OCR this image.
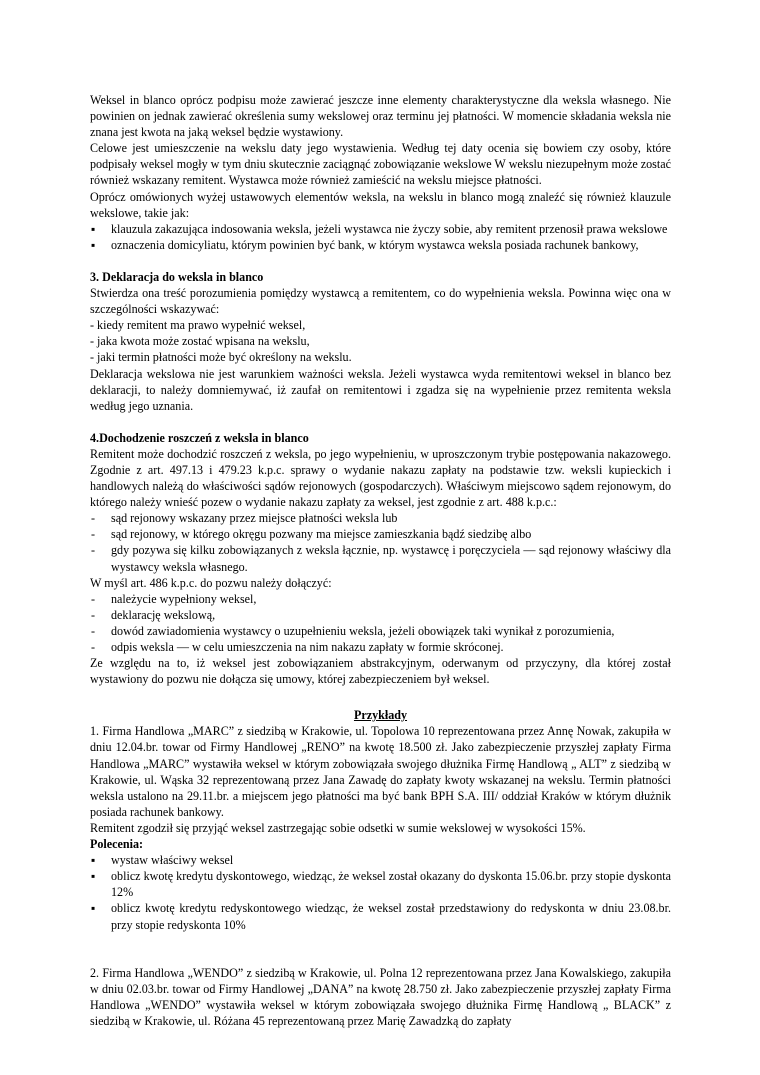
Weksel in blanco oprócz podpisu może zawierać jeszcze inne elementy charakterystyczne dla weksla własnego. Nie powinien on jednak zawierać określenia sumy wekslowej oraz terminu jej płatności. W momencie składania weksla nie znana jest kwota na jaką weksel będzie wystawiony.

Celowe jest umieszczenie na wekslu daty jego wystawienia. Według tej daty ocenia się bowiem czy osoby, które podpisały weksel mogły w tym dniu skutecznie zaciągnąć zobowiązanie wekslowe W wekslu niezupełnym może zostać również wskazany remitent. Wystawca może również zamieścić na wekslu miejsce płatności.

Oprócz omówionych wyżej ustawowych elementów weksla, na wekslu in blanco mogą znaleźć się również klauzule wekslowe, takie jak:

▪
klauzula zakazująca indosowania weksla, jeżeli wystawca nie życzy sobie, aby remitent przenosił prawa wekslowe
▪
oznaczenia domicyliatu, którym powinien być bank, w którym wystawca weksla posiada rachunek bankowy,
3. Deklaracja do weksla in blanco

Stwierdza ona treść porozumienia pomiędzy wystawcą a remitentem, co do wypełnienia weksla. Powinna więc ona w szczególności wskazywać:

- kiedy remitent ma prawo wypełnić weksel,

- jaka kwota może zostać wpisana na wekslu,

- jaki termin płatności może być określony na wekslu.

Deklaracja wekslowa nie jest warunkiem ważności weksla. Jeżeli wystawca wyda remitentowi weksel in blanco bez deklaracji, to należy domniemywać, iż zaufał on remitentowi i zgadza się na wypełnienie przez remitenta weksla według jego uznania.

4.Dochodzenie roszczeń z weksla in blanco

Remitent może dochodzić roszczeń z weksla, po jego wypełnieniu, w uproszczonym trybie postępowania nakazowego. Zgodnie z art. 497.13 i 479.23 k.p.c. sprawy o wydanie nakazu zapłaty na podstawie tzw. weksli kupieckich i handlowych należą do właściwości sądów rejonowych (gospodarczych). Właściwym miejscowo sądem rejonowym, do którego należy wnieść pozew o wydanie nakazu zapłaty za weksel, jest zgodnie z art. 488 k.p.c.:

-	sąd rejonowy wskazany przez miejsce płatności weksla lub
-	sąd rejonowy, w którego okręgu pozwany ma miejsce zamieszkania bądź siedzibę albo
-	gdy pozywa się kilku zobowiązanych z weksla łącznie, np. wystawcę i poręczyciela — sąd rejonowy właściwy dla wystawcy weksla własnego.

W myśl art. 486 k.p.c. do pozwu należy dołączyć:

-	należycie wypełniony weksel,
-	deklarację wekslową,
-	dowód zawiadomienia wystawcy o uzupełnieniu weksla, jeżeli obowiązek taki wynikał z porozumienia,
-	odpis weksla — w celu umieszczenia na nim nakazu zapłaty w formie skróconej.

Ze względu na to, iż weksel jest zobowiązaniem abstrakcyjnym, oderwanym od przyczyny, dla której został wystawiony do pozwu nie dołącza się umowy, której zabezpieczeniem był weksel.

Przykłady

1. Firma Handlowa „MARC” z siedzibą w Krakowie, ul. Topolowa 10 reprezentowana przez Annę Nowak, zakupiła w dniu 12.04.br. towar od Firmy Handlowej „RENO” na kwotę 18.500 zł. Jako zabezpieczenie przyszłej zapłaty Firma Handlowa „MARC” wystawiła weksel w którym zobowiązała swojego dłużnika Firmę Handlową „ ALT” z siedzibą w Krakowie, ul. Wąska 32 reprezentowaną przez Jana Zawadę do zapłaty kwoty wskazanej na wekslu. Termin płatności weksla ustalono na 29.11.br. a miejscem jego płatności ma być bank BPH S.A. III/ oddział Kraków w którym dłużnik posiada rachunek bankowy.

Remitent zgodził się przyjąć weksel zastrzegając sobie odsetki w sumie wekslowej w wysokości 15%.

Polecenia:

▪
wystaw właściwy weksel
▪
oblicz kwotę kredytu dyskontowego, wiedząc, że weksel został okazany do dyskonta 15.06.br. przy stopie dyskonta 12%
▪
oblicz kwotę kredytu redyskontowego wiedząc, że weksel został przedstawiony do redyskonta w dniu 23.08.br. przy stopie redyskonta 10%

2. Firma Handlowa „WENDO” z siedzibą w Krakowie, ul. Polna 12 reprezentowana przez Jana Kowalskiego, zakupiła w dniu 02.03.br. towar od Firmy Handlowej „DANA” na kwotę 28.750 zł. Jako zabezpieczenie przyszłej zapłaty Firma Handlowa „WENDO” wystawiła weksel w którym zobowiązała swojego dłużnika Firmę Handlową „ BLACK” z siedzibą w Krakowie, ul. Różana 45 reprezentowaną przez Marię Zawadzką do zapłaty
